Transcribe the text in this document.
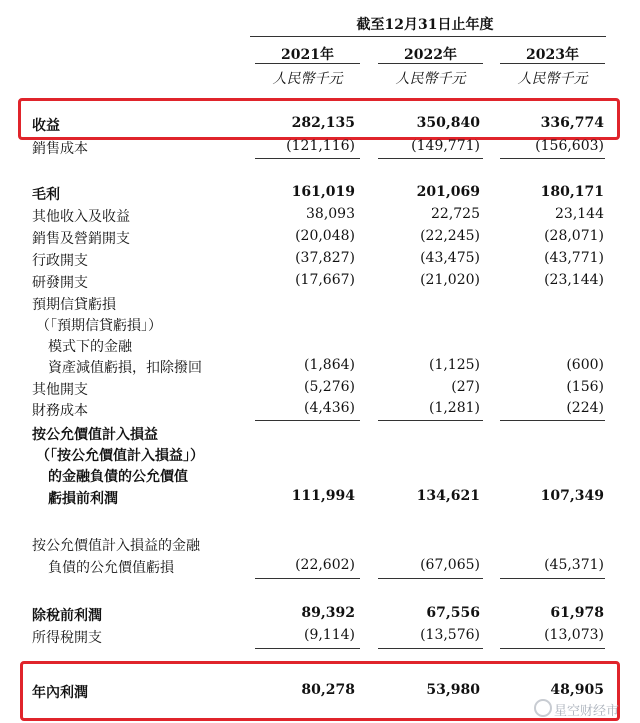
截至12月31日止年度
2021年	2022年	2023年
人民幣千元	人民幣千元	人民幣千元
收益	282,135	350,840	336,774
銷售成本	(121,116)	(149,771)	(156,603)
毛利	161,019	201,069	180,171
其他收入及收益	38,093	22,725	23,144
銷售及營銷開支	(20,048)	(22,245)	(28,071)
行政開支	(37,827)	(43,475)	(43,771)
研發開支	(17,667)	(21,020)	(23,144)
預期信貸虧損
（「預期信貸虧損」）
模式下的金融
資產減值虧損，扣除撥回	(1,864)	(1,125)	(600)
其他開支	(5,276)	(27)	(156)
財務成本	(4,436)	(1,281)	(224)
按公允價值計入損益
（「按公允價值計入損益」）
的金融負債的公允價值
虧損前利潤	111,994	134,621	107,349
按公允價值計入損益的金融
負債的公允價值虧損	(22,602)	(67,065)	(45,371)
除稅前利潤	89,392	67,556	61,978
所得稅開支	(9,114)	(13,576)	(13,073)
年內利潤	80,278	53,980	48,905
星空财经市
